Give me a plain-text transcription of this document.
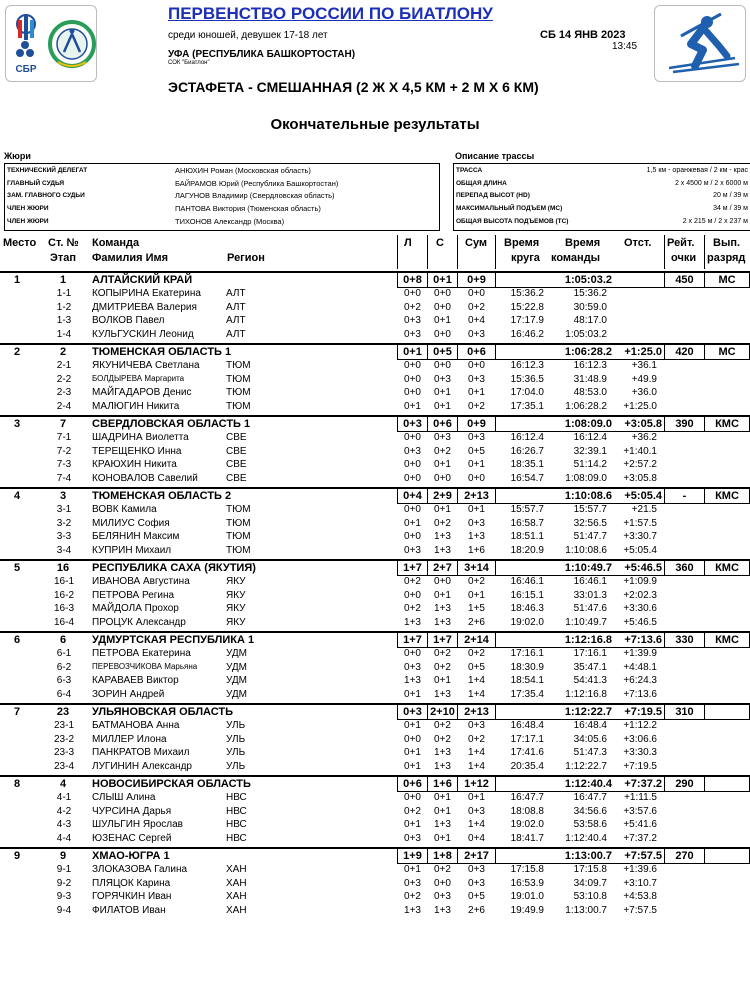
СБР
ПЕРВЕНСТВО РОССИИ ПО БИАТЛОНУ
среди юношей, девушек 17-18 лет	СБ 14 ЯНВ 2023
13:45
УФА (РЕСПУБЛИКА БАШКОРТОСТАН)
СОК "Биатлон"
ЭСТАФЕТА - СМЕШАННАЯ (2 Ж Х 4,5 КМ + 2 М Х 6 КМ)
Окончательные результаты
Жюри	Описание трассы
ТЕХНИЧЕСКИЙ ДЕЛЕГАТ	АНЮХИН Роман (Московская область)
ГЛАВНЫЙ СУДЬЯ	БАЙРАМОВ Юрий (Республика Башкортостан)
ЗАМ. ГЛАВНОГО СУДЬИ	ЛАГУНОВ Владимир (Свердловская область)
ЧЛЕН ЖЮРИ	ПАНТОВА Виктория (Тюменская область)
ЧЛЕН ЖЮРИ	ТИХОНОВ Александр (Москва)
ТРАССА	1,5 км - оранжевая / 2 км - крас
ОБЩАЯ ДЛИНА	2 x 4500 м / 2 x 6000 м
ПЕРЕПАД ВЫСОТ (HD)	20 м / 39 м
МАКСИМАЛЬНЫЙ ПОДЪЕМ (MC)	34 м / 39 м
ОБЩАЯ ВЫСОТА ПОДЪЕМОВ (TC)	2 x 215 м / 2 x 237 м
Место Ст. №
Этап
Команда
Фамилия Имя	Регион
Л С Сум Время
круга
Время
команды
Отст. Рейт.
очки
Вып.
разряд
1	1	АЛТАЙСКИЙ КРАЙ	0+8	0+1	0+9	1:05:03.2	450	МС
1-1	КОПЫРИНА Екатерина	АЛТ	0+0	0+0	0+0	15:36.2	15:36.2
1-2	ДМИТРИЕВА Валерия	АЛТ	0+2	0+0	0+2	15:22.8	30:59.0
1-3	ВОЛКОВ Павел	АЛТ	0+3	0+1	0+4	17:17.9	48:17.0
1-4	КУЛЬГУСКИН Леонид	АЛТ	0+3	0+0	0+3	16:46.2	1:05:03.2
2	2	ТЮМЕНСКАЯ ОБЛАСТЬ 1	0+1	0+5	0+6	1:06:28.2	+1:25.0	420	МС
2-1	ЯКУНИЧЕВА Светлана	ТЮМ	0+0	0+0	0+0	16:12.3	16:12.3	+36.1
2-2	БОЛДЫРЕВА Маргарита	ТЮМ	0+0	0+3	0+3	15:36.5	31:48.9	+49.9
2-3	МАЙГАДАРОВ Денис	ТЮМ	0+0	0+1	0+1	17:04.0	48:53.0	+36.0
2-4	МАЛЮГИН Никита	ТЮМ	0+1	0+1	0+2	17:35.1	1:06:28.2	+1:25.0
3	7	СВЕРДЛОВСКАЯ ОБЛАСТЬ 1	0+3	0+6	0+9	1:08:09.0	+3:05.8	390	КМС
7-1	ШАДРИНА Виолетта	СВЕ	0+0	0+3	0+3	16:12.4	16:12.4	+36.2
7-2	ТЕРЕЩЕНКО Инна	СВЕ	0+3	0+2	0+5	16:26.7	32:39.1	+1:40.1
7-3	КРАЮХИН Никита	СВЕ	0+0	0+1	0+1	18:35.1	51:14.2	+2:57.2
7-4	КОНОВАЛОВ Савелий	СВЕ	0+0	0+0	0+0	16:54.7	1:08:09.0	+3:05.8
4	3	ТЮМЕНСКАЯ ОБЛАСТЬ 2	0+4	2+9	2+13	1:10:08.6	+5:05.4	-	КМС
3-1	ВОВК Камила	ТЮМ	0+0	0+1	0+1	15:57.7	15:57.7	+21.5
3-2	МИЛИУС София	ТЮМ	0+1	0+2	0+3	16:58.7	32:56.5	+1:57.5
3-3	БЕЛЯНИН Максим	ТЮМ	0+0	1+3	1+3	18:51.1	51:47.7	+3:30.7
3-4	КУПРИН Михаил	ТЮМ	0+3	1+3	1+6	18:20.9	1:10:08.6	+5:05.4
5	16	РЕСПУБЛИКА САХА (ЯКУТИЯ)	1+7	2+7	3+14	1:10:49.7	+5:46.5	360	КМС
16-1	ИВАНОВА Августина	ЯКУ	0+2	0+0	0+2	16:46.1	16:46.1	+1:09.9
16-2	ПЕТРОВА Регина	ЯКУ	0+0	0+1	0+1	16:15.1	33:01.3	+2:02.3
16-3	МАЙДОЛА Прохор	ЯКУ	0+2	1+3	1+5	18:46.3	51:47.6	+3:30.6
16-4	ПРОЦУК Александр	ЯКУ	1+3	1+3	2+6	19:02.0	1:10:49.7	+5:46.5
6	6	УДМУРТСКАЯ РЕСПУБЛИКА 1	1+7	1+7	2+14	1:12:16.8	+7:13.6	330	КМС
6-1	ПЕТРОВА Екатерина	УДМ	0+0	0+2	0+2	17:16.1	17:16.1	+1:39.9
6-2	ПЕРЕВОЗЧИКОВА Марьяна	УДМ	0+3	0+2	0+5	18:30.9	35:47.1	+4:48.1
6-3	КАРАВАЕВ Виктор	УДМ	1+3	0+1	1+4	18:54.1	54:41.3	+6:24.3
6-4	ЗОРИН Андрей	УДМ	0+1	1+3	1+4	17:35.4	1:12:16.8	+7:13.6
7	23	УЛЬЯНОВСКАЯ ОБЛАСТЬ	0+3 2+10 2+13	1:12:22.7	+7:19.5	310
23-1	БАТМАНОВА Анна	УЛЬ	0+1	0+2	0+3	16:48.4	16:48.4	+1:12.2
23-2	МИЛЛЕР Илона	УЛЬ	0+0	0+2	0+2	17:17.1	34:05.6	+3:06.6
23-3	ПАНКРАТОВ Михаил	УЛЬ	0+1	1+3	1+4	17:41.6	51:47.3	+3:30.3
23-4	ЛУГИНИН Александр	УЛЬ	0+1	1+3	1+4	20:35.4	1:12:22.7	+7:19.5
8	4	НОВОСИБИРСКАЯ ОБЛАСТЬ	0+6	1+6	1+12	1:12:40.4	+7:37.2	290
4-1	СЛЫШ Алина	НВС	0+0	0+1	0+1	16:47.7	16:47.7	+1:11.5
4-2	ЧУРСИНА Дарья	НВС	0+2	0+1	0+3	18:08.8	34:56.6	+3:57.6
4-3	ШУЛЬГИН Ярослав	НВС	0+1	1+3	1+4	19:02.0	53:58.6	+5:41.6
4-4	ЮЗЕНАС Сергей	НВС	0+3	0+1	0+4	18:41.7	1:12:40.4	+7:37.2
9	9	ХМАО-ЮГРА 1	1+9	1+8	2+17	1:13:00.7	+7:57.5	270
9-1	ЗЛОКАЗОВА Галина	ХАН	0+1	0+2	0+3	17:15.8	17:15.8	+1:39.6
9-2	ПЛЯЦОК Карина	ХАН	0+3	0+0	0+3	16:53.9	34:09.7	+3:10.7
9-3	ГОРЯЧКИН Иван	ХАН	0+2	0+3	0+5	19:01.0	53:10.8	+4:53.8
9-4	ФИЛАТОВ Иван	ХАН	1+3	1+3	2+6	19:49.9	1:13:00.7	+7:57.5
